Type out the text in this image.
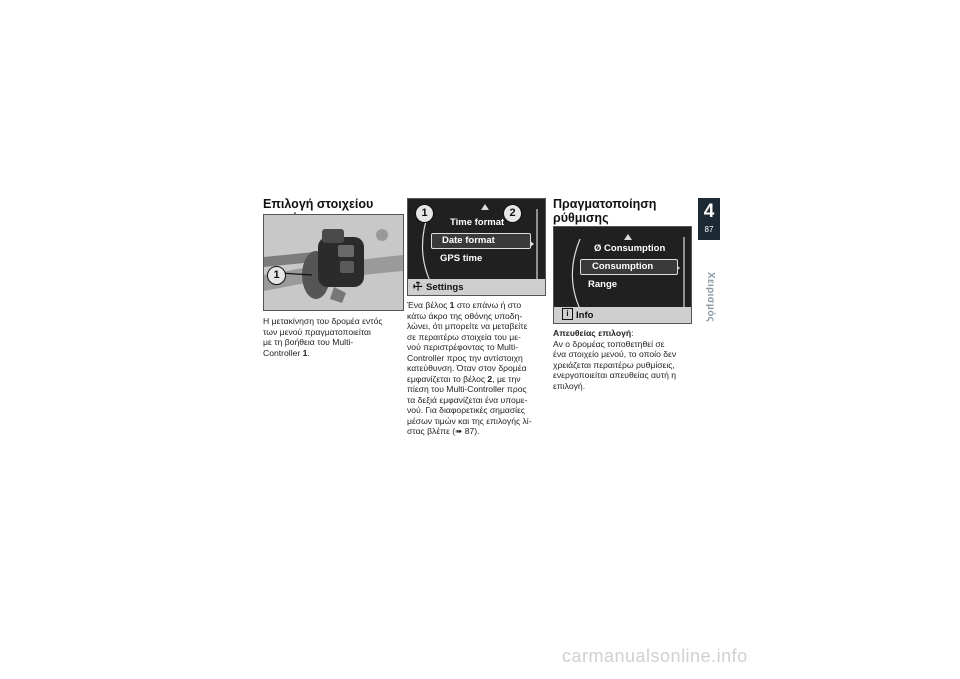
Επιλογή στοιχείου
1
Η μετακίνηση του δρομέα εντός
των μενού πραγματοποιείται
με τη βοήθεια του Multi-
Controller 1.
1	2
Time format
Date format
GPS time
⚒ Settings
Ένα βέλος 1 στο επάνω ή στο
κάτω άκρο της οθόνης υποδη-
λώνει, ότι μπορείτε να μεταβείτε
σε περαιτέρω στοιχεία του με-
νού περιστρέφοντας το Multi-
Controller προς την αντίστοιχη
κατεύθυνση. Όταν στον δρομέα
εμφανίζεται το βέλος 2, με την
πίεση του Multi-Controller προς
τα δεξιά εμφανίζεται ένα υπομε-
νού. Για διαφορετικές σημασίες
μέσων τιμών και της επιλογής λί-
στας βλέπε (➠ 87).
Πραγματοποίηση
ρύθμισης
Ø Consumption
Consumption
Range
i Info
Απευθείας επιλογή:
Αν ο δρομέας τοποθετηθεί σε
ένα στοιχείο μενού, το οποίο δεν
χρειάζεται περαιτέρω ρυθμίσεις,
ενεργοποιείται απευθείας αυτή η
επιλογή.
4
87
Χειρισμός
carmanualsonline.info
